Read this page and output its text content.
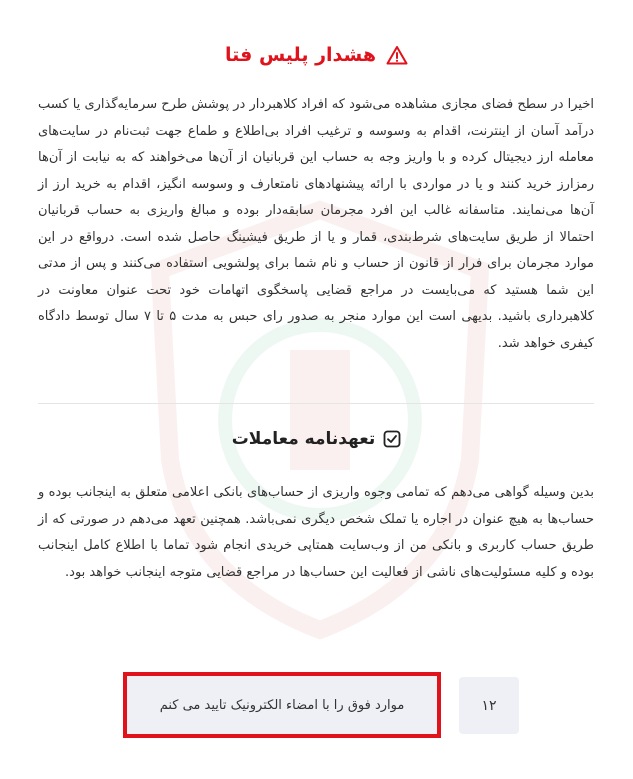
هشدار پلیس فتا
اخیرا در سطح فضای مجازی مشاهده می‌شود که افراد کلاهبردار در پوشش طرح سرمایه‌گذاری یا کسب درآمد آسان از اینترنت، اقدام به وسوسه و ترغیب افراد بی‌اطلاع و طماع جهت ثبت‌نام در سایت‌های معامله ارز دیجیتال کرده و با واریز وجه به حساب این قربانیان از آن‌ها می‌خواهند که به نیابت از آن‌ها رمزارز خرید کنند و یا در مواردی با ارائه پیشنهادهای نامتعارف و وسوسه انگیز، اقدام به خرید ارز از آن‌ها می‌نمایند. متاسفانه غالب این افرد مجرمان سابقه‌دار بوده و مبالغ واریزی به حساب قربانیان احتمالا از طریق سایت‌های شرط‌بندی، قمار و یا از طریق فیشینگ حاصل شده است. درواقع در این موارد مجرمان برای فرار از قانون از حساب و نام شما برای پولشویی استفاده می‌کنند و پس از مدتی این شما هستید که می‌بایست در مراجع قضایی پاسخگوی اتهامات خود تحت عنوان معاونت در کلاهبرداری باشید. بدیهی است این موارد منجر به صدور رای حبس به مدت ۵ تا ۷ سال توسط دادگاه کیفری خواهد شد.
تعهدنامه معاملات
بدین وسیله گواهی می‌دهم که تمامی وجوه واریزی از حساب‌های بانکی اعلامی متعلق به اینجانب بوده و حساب‌ها به هیچ عنوان در اجاره یا تملک شخص دیگری نمی‌باشد. همچنین تعهد می‌دهم در صورتی که از طریق حساب کاربری و بانکی من از وب‌سایت همتاپی خریدی انجام شود تماما با اطلاع کامل اینجانب بوده و کلیه مسئولیت‌های ناشی از فعالیت این حساب‌ها در مراجع قضایی متوجه اینجانب خواهد بود.
موارد فوق را با امضاء الکترونیک تایید می کنم	۱۲
